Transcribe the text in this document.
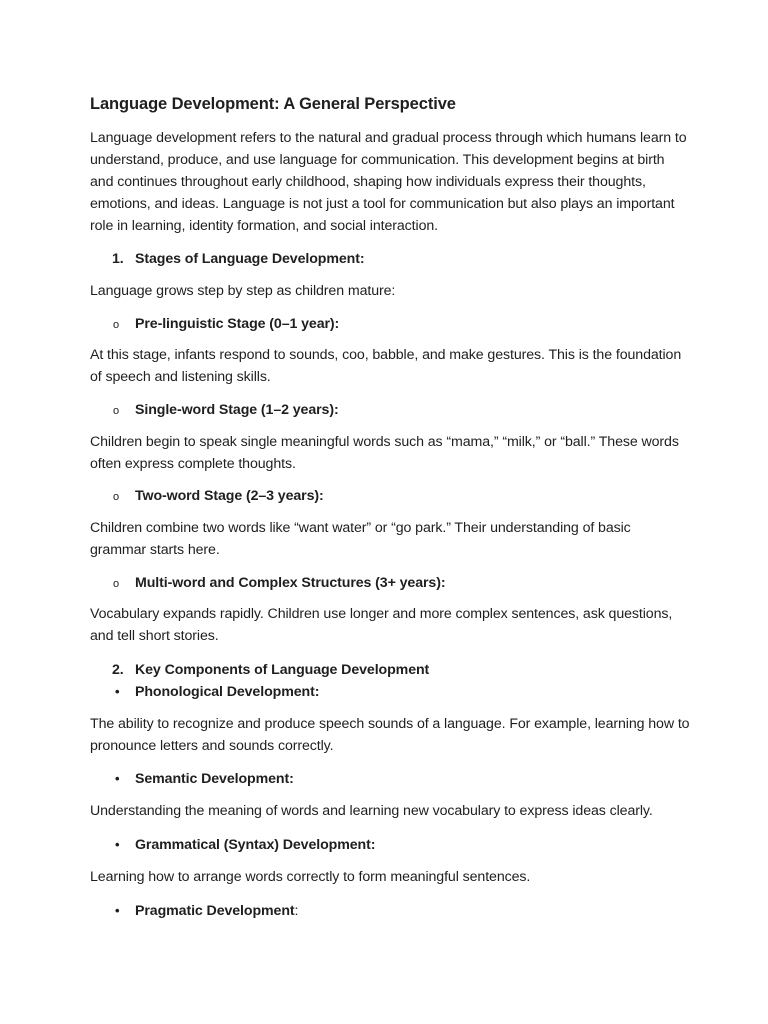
Language Development: A General Perspective

Language development refers to the natural and gradual process through which humans learn to understand, produce, and use language for communication. This development begins at birth and continues throughout early childhood, shaping how individuals express their thoughts, emotions, and ideas. Language is not just a tool for communication but also plays an important role in learning, identity formation, and social interaction.

1. Stages of Language Development:

Language grows step by step as children mature:

o Pre-linguistic Stage (0–1 year):

At this stage, infants respond to sounds, coo, babble, and make gestures. This is the foundation of speech and listening skills.

o Single-word Stage (1–2 years):

Children begin to speak single meaningful words such as “mama,” “milk,” or “ball.” These words often express complete thoughts.

o Two-word Stage (2–3 years):

Children combine two words like “want water” or “go park.” Their understanding of basic grammar starts here.

o Multi-word and Complex Structures (3+ years):

Vocabulary expands rapidly. Children use longer and more complex sentences, ask questions, and tell short stories.

2. Key Components of Language Development
• Phonological Development:

The ability to recognize and produce speech sounds of a language. For example, learning how to pronounce letters and sounds correctly.

• Semantic Development:

Understanding the meaning of words and learning new vocabulary to express ideas clearly.

• Grammatical (Syntax) Development:

Learning how to arrange words correctly to form meaningful sentences.

• Pragmatic Development:
